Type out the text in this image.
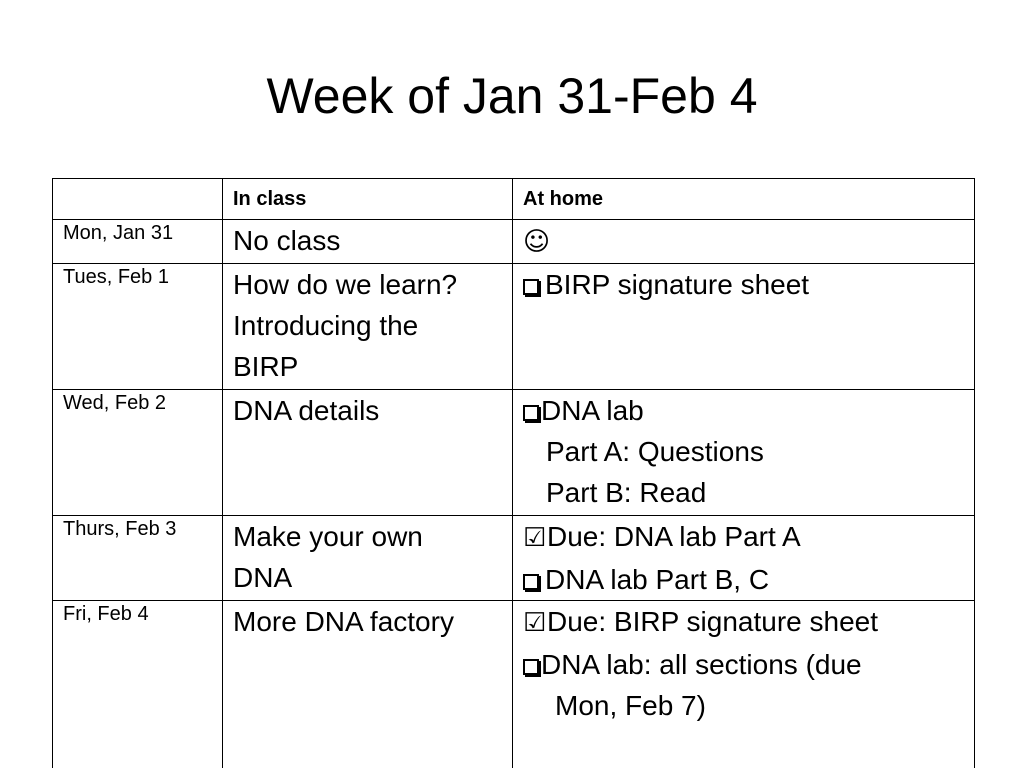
Week of Jan 31-Feb 4
	In class	At home
Mon, Jan 31	No class	☺
Tues, Feb 1	How do we learn?
Introducing the
BIRP	BIRP signature sheet

Wed, Feb 2	DNA details	DNA lab
Part A: Questions
Part B: Read

Thurs, Feb 3	Make your own
DNA	☑Due: DNA lab Part A
DNA lab Part B, C

Fri, Feb 4	More DNA factory	☑Due: BIRP signature sheet
DNA lab: all sections (due
Mon, Feb 7)
